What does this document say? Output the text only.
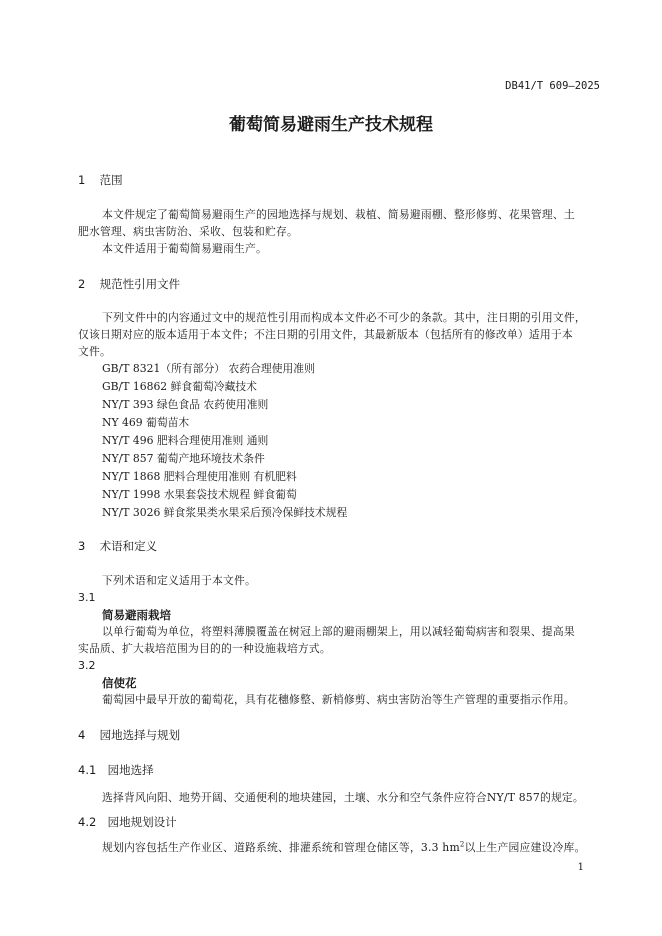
DB41/T 609—2025
葡萄简易避雨生产技术规程
1 范围
本文件规定了葡萄简易避雨生产的园地选择与规划、栽植、简易避雨棚、整形修剪、花果管理、土
肥水管理、病虫害防治、采收、包装和贮存。
本文件适用于葡萄简易避雨生产。
2 规范性引用文件
下列文件中的内容通过文中的规范性引用而构成本文件必不可少的条款。其中，注日期的引用文件，
仅该日期对应的版本适用于本文件；不注日期的引用文件，其最新版本（包括所有的修改单）适用于本
文件。
GB/T 8321（所有部分） 农药合理使用准则
GB/T 16862 鲜食葡萄冷藏技术
NY/T 393 绿色食品 农药使用准则
NY 469 葡萄苗木
NY/T 496 肥料合理使用准则 通则
NY/T 857 葡萄产地环境技术条件
NY/T 1868 肥料合理使用准则 有机肥料
NY/T 1998 水果套袋技术规程 鲜食葡萄
NY/T 3026 鲜食浆果类水果采后预冷保鲜技术规程
3 术语和定义
下列术语和定义适用于本文件。
3.1
简易避雨栽培
以单行葡萄为单位，将塑料薄膜覆盖在树冠上部的避雨棚架上，用以减轻葡萄病害和裂果、提高果
实品质、扩大栽培范围为目的的一种设施栽培方式。
3.2
信使花
葡萄园中最早开放的葡萄花，具有花穗修整、新梢修剪、病虫害防治等生产管理的重要指示作用。
4 园地选择与规划
4.1 园地选择
选择背风向阳、地势开阔、交通便利的地块建园，土壤、水分和空气条件应符合NY/T 857的规定。
4.2 园地规划设计
规划内容包括生产作业区、道路系统、排灌系统和管理仓储区等，3.3 $hm^2$以上生产园应建设冷库。
1
